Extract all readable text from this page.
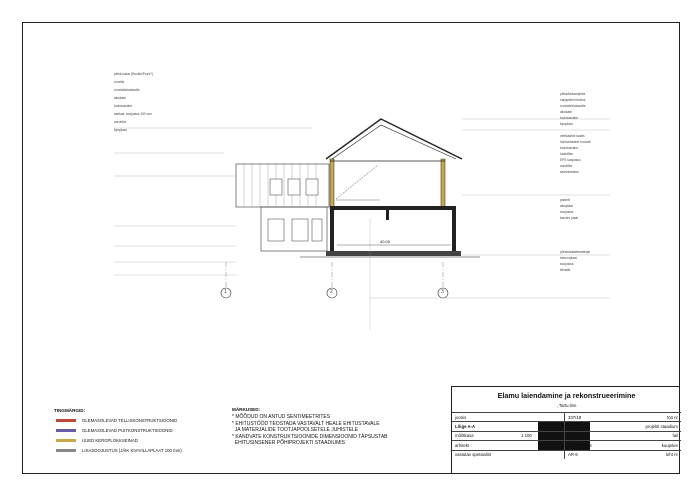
1	2	3
40.00
plekk-katus (Ruukki/Pruni?)
roovitis
roovlatt/aluslaudis
aluskate
tuulutusvahe
sarikad, soojustus 150 mm
aurutõke
kipsplaat
plekk/katuseplekk
harjapleki kinnitus
roovlatt/aluslaudis
aluskate
tuulutusvahe
kipsplaat
vertikaalne laudis
horisontaalne roovlatt
tuulutusvahe
tuuletõke
EPS soojustus
aurutõke
siseviimistlus
parkett
alusplaat
soojustus
kandev plaat
põrandakattematerjal
betoonplaat
soojustus
killustik
TINGMÄRGID:
OLEMASOLEVAD TELLISKONSTRUKTSIOONID
OLEMASOLEVAD PUITKONSTRUKTSIOONID
UUED KERGPLOKKSEINAD
LISASOOJUSTUS (JÄIK KIVIVILLAPLAAT 100 mm)
MÄRKUSED:
* MÕÕDUD ON ANTUD SENTIMEETRITES
* EHITUSTÖÖD TEOSTADA VASTAVALT HEALE EHITUSTAVALE
JA MATERJALIDE TOOTJAPOOLSETELE JUHISTELE
* KANDVATE KONSTRUKTSIOONIDE DIMENSIOONID TÄPSUSTAB
EHITUSINSENER PÕHIPROJEKTI STAADIUMIS
Elamu laiendamine ja rekonstrueerimine
, Tartu linn
joonis		337/18	töö nr
Lõige A-A		EP	projekti staadium
mõõtkava	1:100	.dgn	fail
arhitekt		august 2018	kuupäev
vastutav spetsialist		AR-6	leht nr
